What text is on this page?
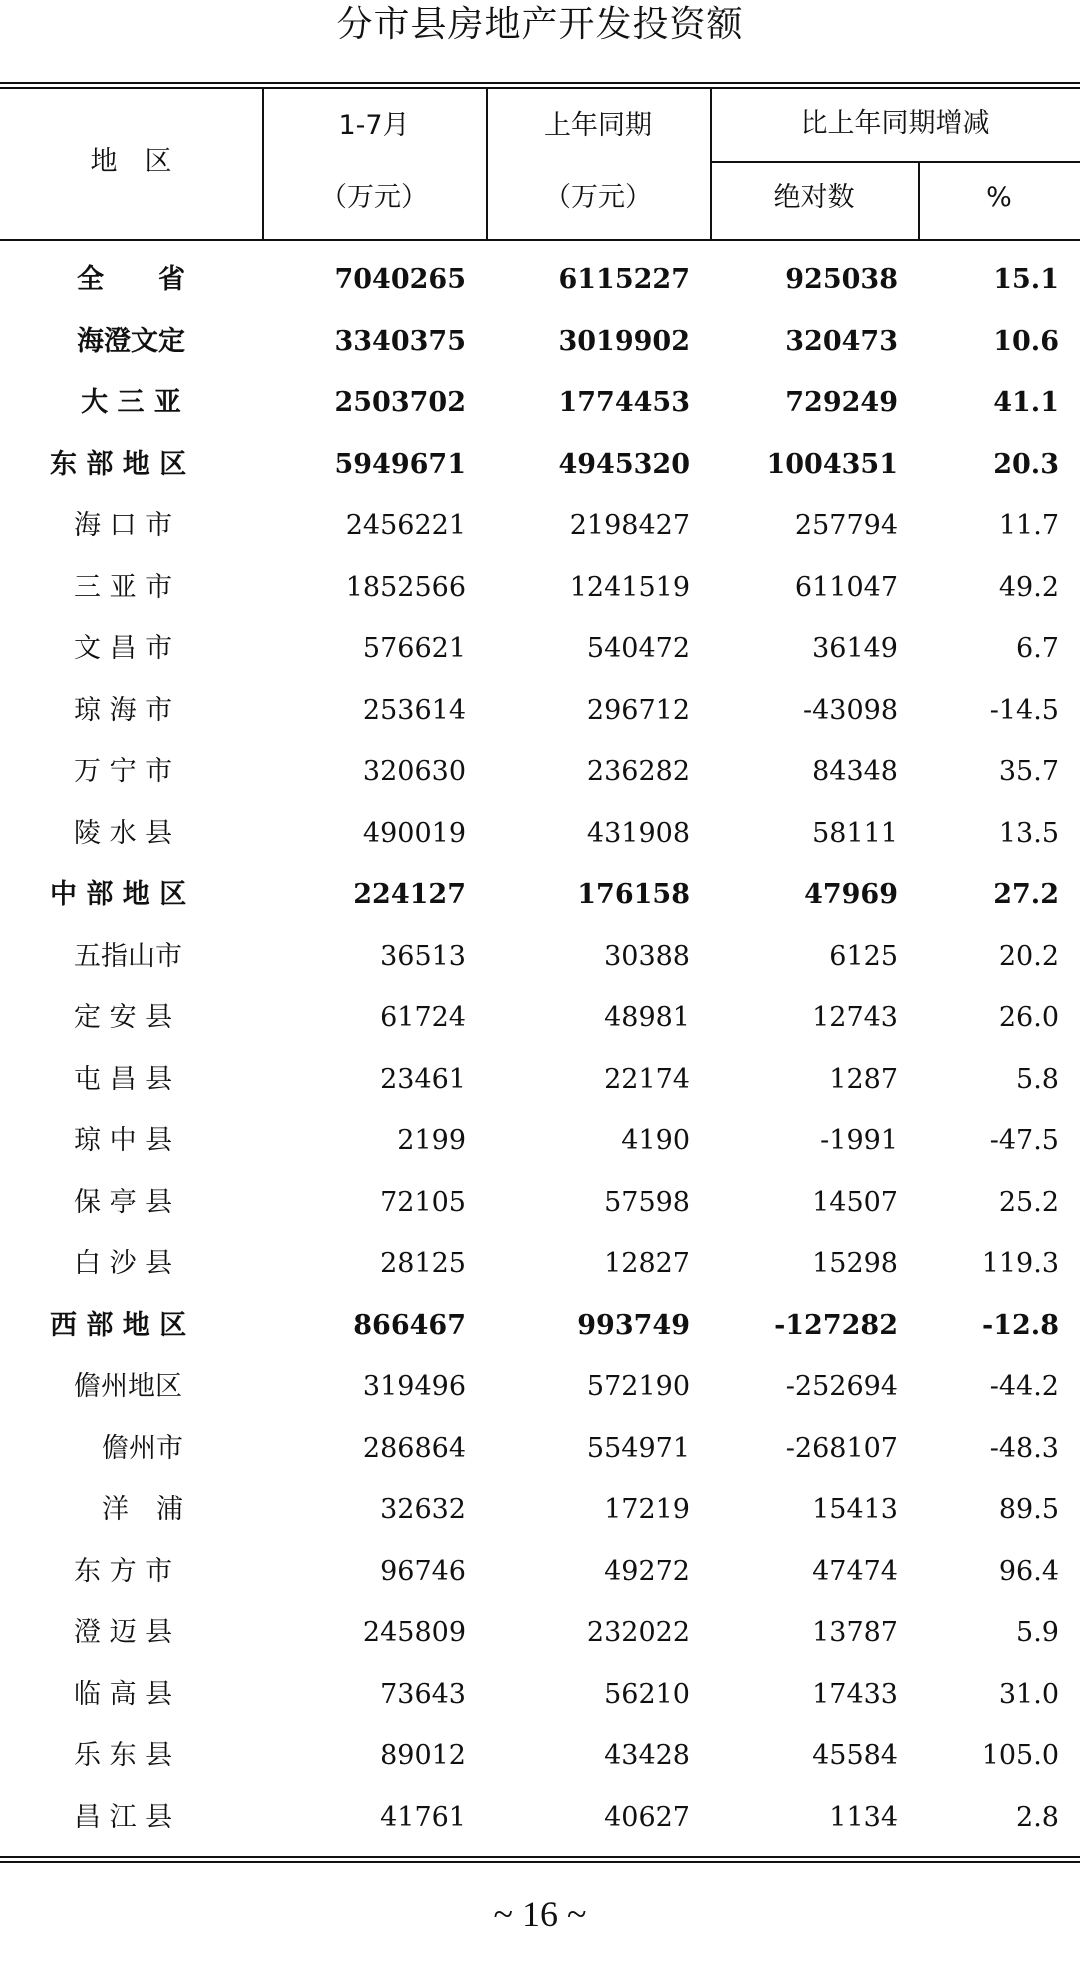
分市县房地产开发投资额
地　区
1-7月
（万元）
上年同期
（万元）
比上年同期增减
绝对数	%
全　　省	7040265	6115227	925038	15.1
海澄文定	3340375	3019902	320473	10.6
大 三 亚	2503702	1774453	729249	41.1
东 部 地 区	5949671	4945320	1004351	20.3
海 口 市	2456221	2198427	257794	11.7
三 亚 市	1852566	1241519	611047	49.2
文 昌 市	576621	540472	36149	6.7
琼 海 市	253614	296712	-43098	-14.5
万 宁 市	320630	236282	84348	35.7
陵 水 县	490019	431908	58111	13.5
中 部 地 区	224127	176158	47969	27.2
五指山市	36513	30388	6125	20.2
定 安 县	61724	48981	12743	26.0
屯 昌 县	23461	22174	1287	5.8
琼 中 县	2199	4190	-1991	-47.5
保 亭 县	72105	57598	14507	25.2
白 沙 县	28125	12827	15298	119.3
西 部 地 区	866467	993749	-127282	-12.8
儋州地区	319496	572190	-252694	-44.2
儋州市	286864	554971	-268107	-48.3
洋　浦	32632	17219	15413	89.5
东 方 市	96746	49272	47474	96.4
澄 迈 县	245809	232022	13787	5.9
临 高 县	73643	56210	17433	31.0
乐 东 县	89012	43428	45584	105.0
昌 江 县	41761	40627	1134	2.8
~ 16 ~
